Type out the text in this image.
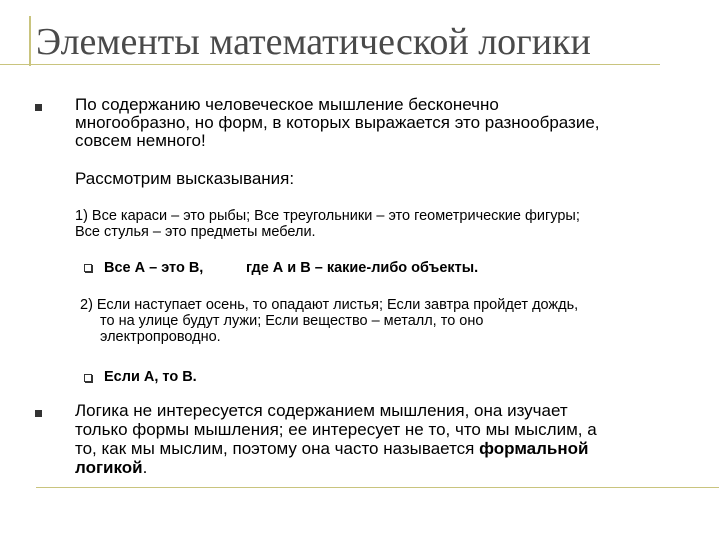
Элементы математической логики
По содержанию человеческое мышление бесконечно
многообразно, но форм, в которых выражается это разнообразие,
совсем немного!
Рассмотрим высказывания:
1) Все караси – это рыбы; Все треугольники – это геометрические фигуры;
Все стулья – это предметы мебели.
Все А – это В,	где А и В – какие-либо объекты.
2) Если наступает осень, то опадают листья; Если завтра пройдет дождь,
то на улице будут лужи; Если вещество – металл, то оно
электропроводно.
Если А, то В.
Логика не интересуется содержанием мышления, она изучает
только формы мышления; ее интересует не то, что мы мыслим, а
то, как мы мыслим, поэтому она часто называется формальной
логикой.
